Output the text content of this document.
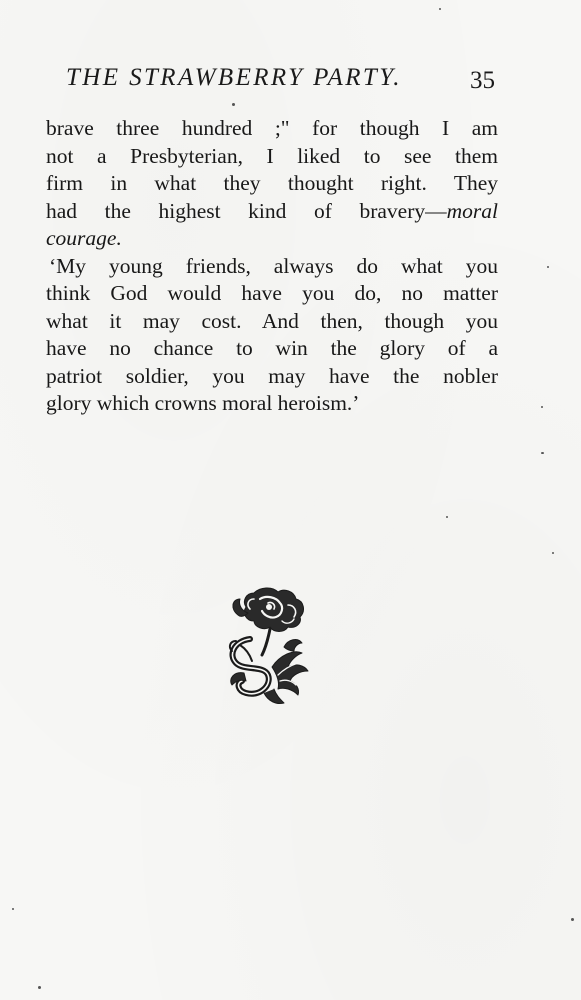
THE STRAWBERRY PARTY.	35
brave three hundred ;" for though I am
not a Presbyterian, I liked to see them
firm in what they thought right. They
had the highest kind of bravery—moral
courage.
‘My young friends, always do what you
think God would have you do, no matter
what it may cost. And then, though you
have no chance to win the glory of a
patriot soldier, you may have the nobler
glory which crowns moral heroism.’
